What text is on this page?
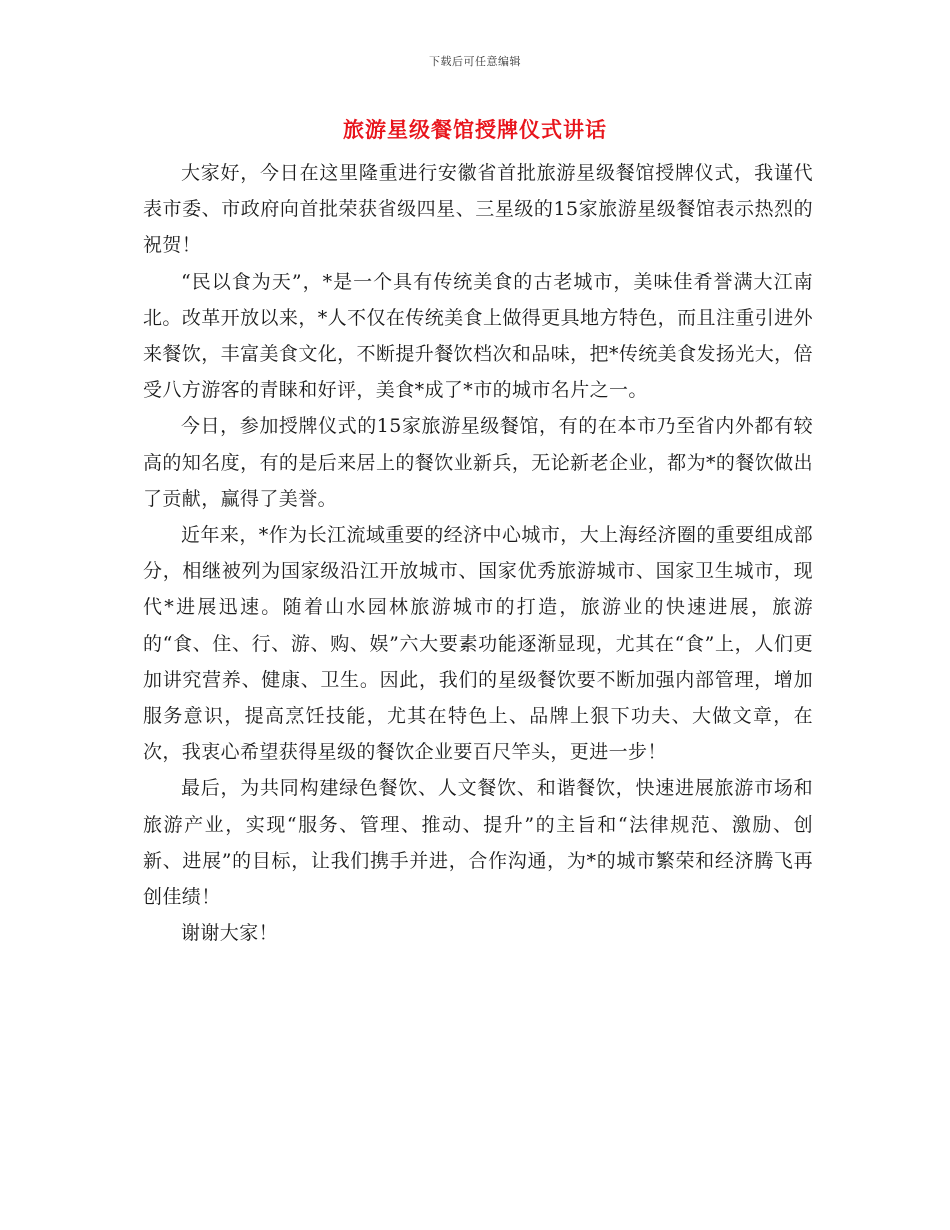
下载后可任意编辑
旅游星级餐馆授牌仪式讲话

大家好，今日在这里隆重进行安徽省首批旅游星级餐馆授牌仪式，我谨代表市委、市政府向首批荣获省级四星、三星级的15家旅游星级餐馆表示热烈的祝贺！

“民以食为天”，*是一个具有传统美食的古老城市，美味佳肴誉满大江南北。改革开放以来，*人不仅在传统美食上做得更具地方特色，而且注重引进外来餐饮，丰富美食文化，不断提升餐饮档次和品味，把*传统美食发扬光大，倍受八方游客的青睐和好评，美食*成了*市的城市名片之一。

今日，参加授牌仪式的15家旅游星级餐馆，有的在本市乃至省内外都有较高的知名度，有的是后来居上的餐饮业新兵，无论新老企业，都为*的餐饮做出了贡献，赢得了美誉。

近年来，*作为长江流域重要的经济中心城市，大上海经济圈的重要组成部分，相继被列为国家级沿江开放城市、国家优秀旅游城市、国家卫生城市，现代*进展迅速。随着山水园林旅游城市的打造，旅游业的快速进展，旅游的“食、住、行、游、购、娱”六大要素功能逐渐显现，尤其在“食”上，人们更加讲究营养、健康、卫生。因此，我们的星级餐饮要不断加强内部管理，增加服务意识，提高烹饪技能，尤其在特色上、品牌上狠下功夫、大做文章，在次，我衷心希望获得星级的餐饮企业要百尺竿头，更进一步！

最后，为共同构建绿色餐饮、人文餐饮、和谐餐饮，快速进展旅游市场和旅游产业，实现“服务、管理、推动、提升”的主旨和“法律规范、激励、创新、进展”的目标，让我们携手并进，合作沟通，为*的城市繁荣和经济腾飞再创佳绩！

谢谢大家！
